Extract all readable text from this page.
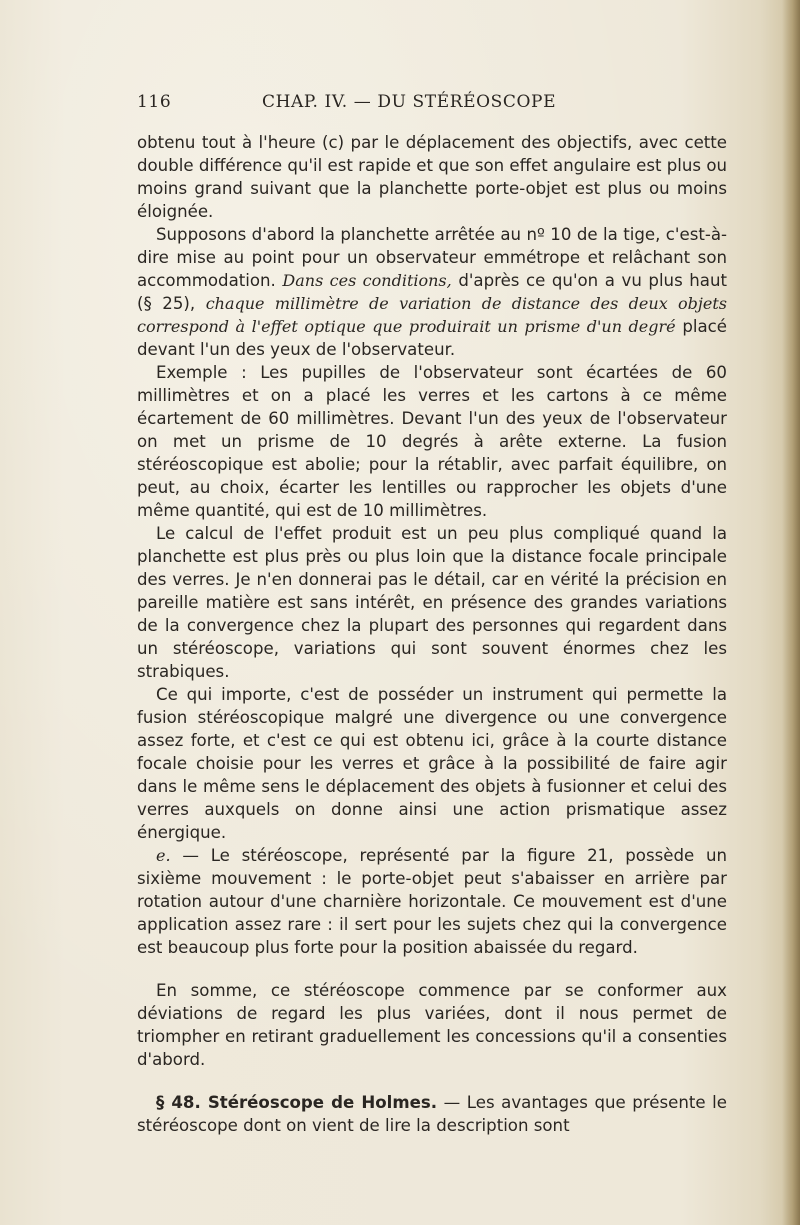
116	CHAP. IV. — DU STÉRÉOSCOPE

obtenu tout à l'heure (c) par le déplacement des objectifs, avec cette double différence qu'il est rapide et que son effet angulaire est plus ou moins grand suivant que la planchette porte-objet est plus ou moins éloignée.

Supposons d'abord la planchette arrêtée au nº 10 de la tige, c'est-à-dire mise au point pour un observateur emmétrope et relâchant son accommodation. Dans ces conditions, d'après ce qu'on a vu plus haut (§ 25), chaque millimètre de variation de distance des deux objets correspond à l'effet optique que produirait un prisme d'un degré placé devant l'un des yeux de l'observateur.

Exemple : Les pupilles de l'observateur sont écartées de 60 millimètres et on a placé les verres et les cartons à ce même écartement de 60 millimètres. Devant l'un des yeux de l'observateur on met un prisme de 10 degrés à arête externe. La fusion stéréoscopique est abolie; pour la rétablir, avec parfait équilibre, on peut, au choix, écarter les lentilles ou rapprocher les objets d'une même quantité, qui est de 10 millimètres.

Le calcul de l'effet produit est un peu plus compliqué quand la planchette est plus près ou plus loin que la distance focale principale des verres. Je n'en donnerai pas le détail, car en vérité la précision en pareille matière est sans intérêt, en présence des grandes variations de la convergence chez la plupart des personnes qui regardent dans un stéréoscope, variations qui sont souvent énormes chez les strabiques.

Ce qui importe, c'est de posséder un instrument qui permette la fusion stéréoscopique malgré une divergence ou une convergence assez forte, et c'est ce qui est obtenu ici, grâce à la courte distance focale choisie pour les verres et grâce à la possibilité de faire agir dans le même sens le déplacement des objets à fusionner et celui des verres auxquels on donne ainsi une action prismatique assez énergique.

e. — Le stéréoscope, représenté par la figure 21, possède un sixième mouvement : le porte-objet peut s'abaisser en arrière par rotation autour d'une charnière horizontale. Ce mouvement est d'une application assez rare : il sert pour les sujets chez qui la convergence est beaucoup plus forte pour la position abaissée du regard.

En somme, ce stéréoscope commence par se conformer aux déviations de regard les plus variées, dont il nous permet de triompher en retirant graduellement les concessions qu'il a consenties d'abord.

§ 48. Stéréoscope de Holmes. — Les avantages que présente le stéréoscope dont on vient de lire la description sont
